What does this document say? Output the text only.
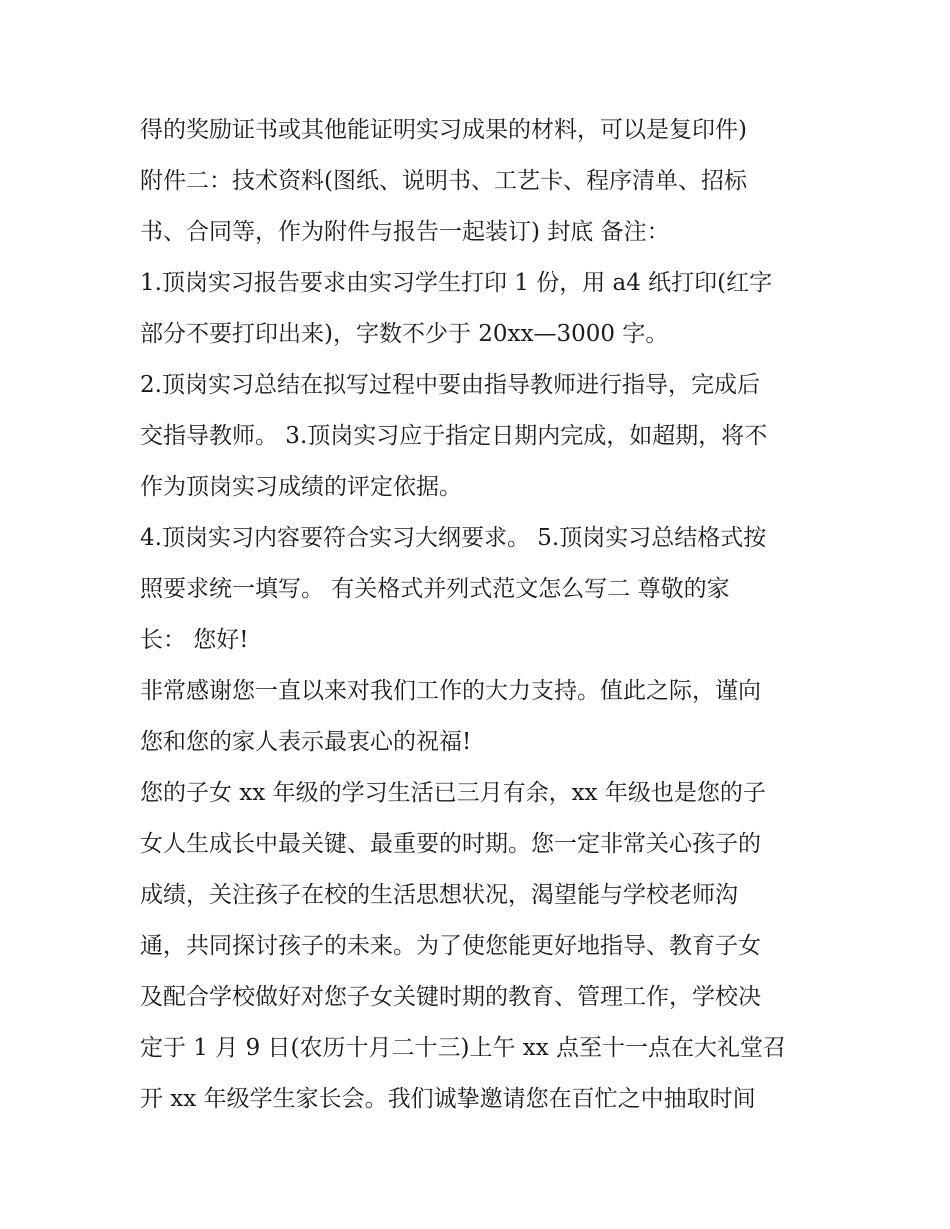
得的奖励证书或其他能证明实习成果的材料，可以是复印件)
附件二：技术资料(图纸、说明书、工艺卡、程序清单、招标
书、合同等，作为附件与报告一起装订) 封底 备注：
1.顶岗实习报告要求由实习学生打印 1 份，用 a4 纸打印(红字
部分不要打印出来)，字数不少于 20xx—3000 字。
2.顶岗实习总结在拟写过程中要由指导教师进行指导，完成后
交指导教师。 3.顶岗实习应于指定日期内完成，如超期，将不
作为顶岗实习成绩的评定依据。
4.顶岗实习内容要符合实习大纲要求。 5.顶岗实习总结格式按
照要求统一填写。 有关格式并列式范文怎么写二 尊敬的家
长： 您好!
非常感谢您一直以来对我们工作的大力支持。值此之际，谨向
您和您的家人表示最衷心的祝福!
您的子女 xx 年级的学习生活已三月有余，xx 年级也是您的子
女人生成长中最关键、最重要的时期。您一定非常关心孩子的
成绩，关注孩子在校的生活思想状况，渴望能与学校老师沟
通，共同探讨孩子的未来。为了使您能更好地指导、教育子女
及配合学校做好对您子女关键时期的教育、管理工作，学校决
定于 1 月 9 日(农历十月二十三)上午 xx 点至十一点在大礼堂召
开 xx 年级学生家长会。我们诚挚邀请您在百忙之中抽取时间
